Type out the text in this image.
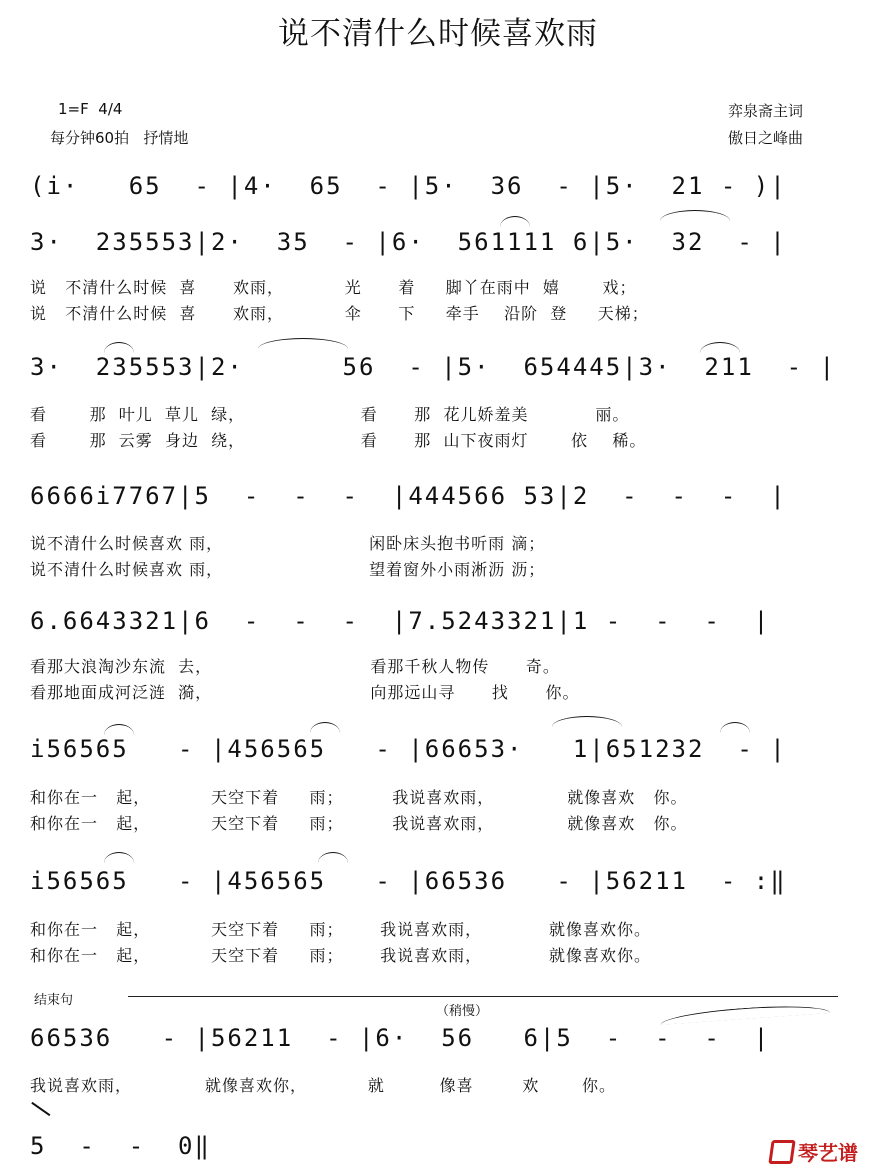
说不清什么时候喜欢雨
1=F  4/4
每分钟60拍   抒情地
弈泉斋主词
傲日之峰曲
(i·   65  - |4·  65  - |5·  36  - |5·  21 - )|
3·  235553|2·  35  - |6·  561111 6|5·  32  - |
说   不清什么时候  喜      欢雨，          光      着     脚丫在雨中  嬉       戏；
说   不清什么时候  喜      欢雨，          伞      下     牵手    沿阶  登     天梯；
3·  235553|2·      56  - |5·  654445|3·  211  - |
看       那  叶儿  草儿  绿，                   看      那  花儿娇羞美           丽。
看       那  云雾  身边  绕，                   看      那  山下夜雨灯       依    稀。
6666i7767|5  -  -  -  |444566 53|2  -  -  -  |
说不清什么时候喜欢 雨，                        闲卧床头抱书听雨 滴；
说不清什么时候喜欢 雨，                        望着窗外小雨淅沥 沥；
6.6643321|6  -  -  -  |7.5243321|1 -  -  -  |
看那大浪淘沙东流  去，                          看那千秋人物传      奇。
看那地面成河泛涟  漪，                          向那远山寻      找      你。
i56565   - |456565   - |66653·   1|651232  - |
和你在一   起，          天空下着     雨；        我说喜欢雨，            就像喜欢   你。
和你在一   起，          天空下着     雨；        我说喜欢雨，            就像喜欢   你。
i56565   - |456565   - |66536   - |56211  - :‖
和你在一   起，          天空下着     雨；      我说喜欢雨，           就像喜欢你。
和你在一   起，          天空下着     雨；      我说喜欢雨，           就像喜欢你。
结束句
（稍慢）
66536   - |56211  - |6·  56   6|5  -  -  -  |
我说喜欢雨，            就像喜欢你，          就         像喜        欢       你。
5  -  -  0‖	琴艺谱
